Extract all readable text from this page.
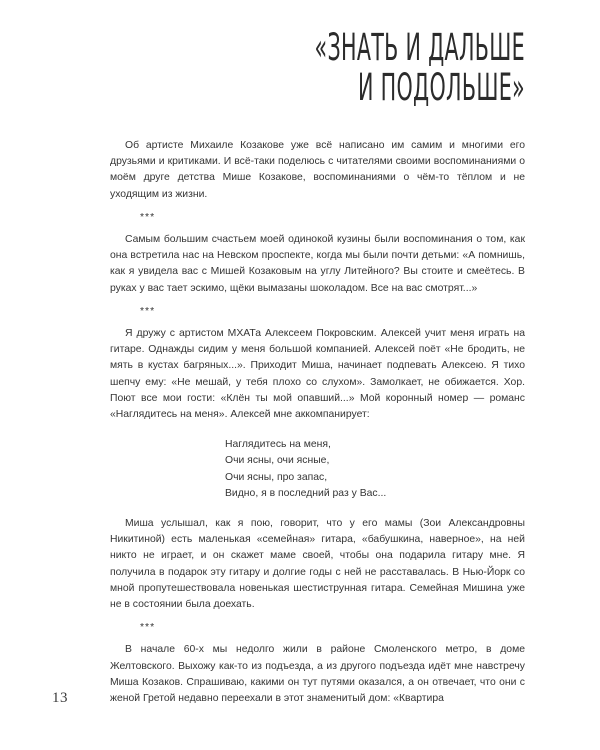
«ЗНАТЬ И ДАЛЬШЕ
И ПОДОЛЬШЕ»

Об артисте Михаиле Козакове уже всё написано им самим и многими его друзьями и критиками. И всё-таки поделюсь с читателями своими воспоминаниями о моём друге детства Мише Козакове, воспоминаниями о чём-то тёплом и не уходящим из жизни.

***

Самым большим счастьем моей одинокой кузины были воспоминания о том, как она встретила нас на Невском проспекте, когда мы были почти детьми: «А помнишь, как я увидела вас с Мишей Козаковым на углу Литейного? Вы стоите и смеётесь. В руках у вас тает эскимо, щёки вымазаны шоколадом. Все на вас смотрят...»

***

Я дружу с артистом МХАТа Алексеем Покровским. Алексей учит меня играть на гитаре. Однажды сидим у меня большой компанией. Алексей поёт «Не бродить, не мять в кустах багряных...». Приходит Миша, начинает подпевать Алексею. Я тихо шепчу ему: «Не мешай, у тебя плохо со слухом». Замолкает, не обижается. Хор. Поют все мои гости: «Клён ты мой опавший...» Мой коронный номер — романс «Наглядитесь на меня». Алексей мне аккомпанирует:

Наглядитесь на меня,
Очи ясны, очи ясные,
Очи ясны, про запас,
Видно, я в последний раз у Вас...

Миша услышал, как я пою, говорит, что у его мамы (Зои Александровны Никитиной) есть маленькая «семейная» гитара, «бабушкина, наверное», на ней никто не играет, и он скажет маме своей, чтобы она подарила гитару мне. Я получила в подарок эту гитару и долгие годы с ней не расставалась. В Нью-Йорк со мной пропутешествовала новенькая шестиструнная гитара. Семейная Мишина уже не в состоянии была доехать.

***

В начале 60-х мы недолго жили в районе Смоленского метро, в доме Желтовского. Выхожу как-то из подъезда, а из другого подъезда идёт мне навстречу Миша Козаков. Спрашиваю, какими он тут путями оказался, а он отвечает, что они с женой Гретой недавно переехали в этот знаменитый дом: «Квартира

13
